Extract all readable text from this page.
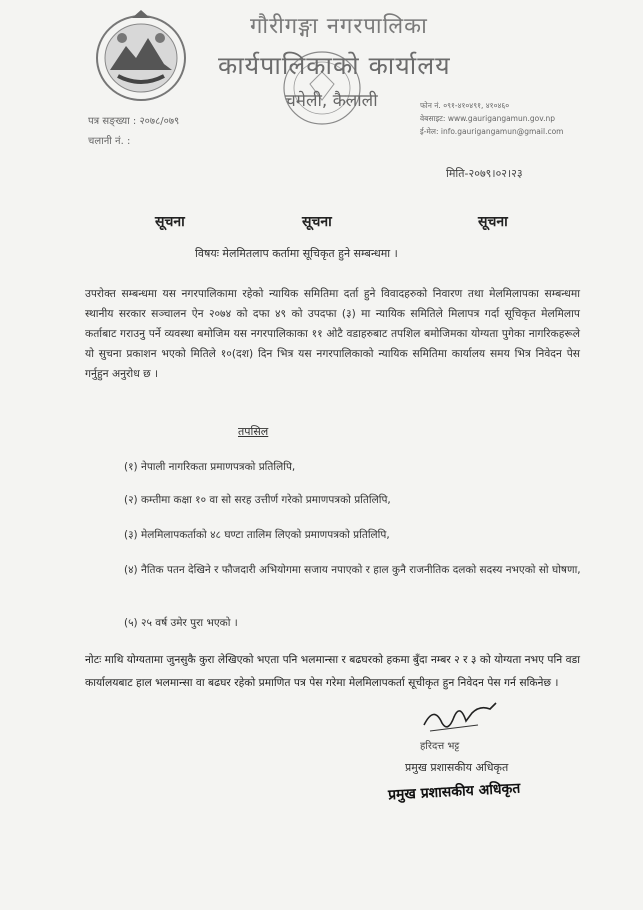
गौरीगङ्गा नगरपालिका
कार्यपालिकाको कार्यालय
चमेली, कैलाली	फोन नं. ०९१-४१०४९१, ४१०४६०
वेबसाइट: www.gaurigangamun.gov.np
ई-मेल: info.gaurigangamun@gmail.com
पत्र सङ्ख्या : २०७८/०७९
चलानी नं. :
मिति-२०७९।०२।२३
सूचना	सूचना	सूचना
विषयः मेलमितलाप कर्तामा सूचिकृत हुने सम्बन्धमा ।
उपरोक्त सम्बन्धमा यस नगरपालिकामा रहेको न्यायिक समितिमा दर्ता हुने विवादहरुको निवारण तथा मेलमिलापका सम्बन्धमा स्थानीय सरकार सञ्चालन ऐन २०७४ को दफा ४९ को उपदफा (३) मा न्यायिक समितिले मिलापत्र गर्दा सूचिकृत मेलमिलाप कर्ताबाट गराउनु पर्ने व्यवस्था बमोजिम यस नगरपालिकाका ११ ओटै वडाहरुबाट तपशिल बमोजिमका योग्यता पुगेका नागरिकहरूले यो सुचना प्रकाशन भएको मितिले १०(दश) दिन भित्र यस नगरपालिकाको न्यायिक समितिमा कार्यालय समय भित्र निवेदन पेस गर्नुहुन अनुरोध छ ।
तपसिल
(१) नेपाली नागरिकता प्रमाणपत्रको प्रतिलिपि,
(२) कम्तीमा कक्षा १० वा सो सरह उत्तीर्ण गरेको प्रमाणपत्रको प्रतिलिपि,
(३) मेलमिलापकर्ताको ४८ घण्टा तालिम लिएको प्रमाणपत्रको प्रतिलिपि,
(४) नैतिक पतन देखिने र फौजदारी अभियोगमा सजाय नपाएको र हाल कुनै राजनीतिक दलको सदस्य नभएको सो घोषणा,
(५) २५ वर्ष उमेर पुरा भएको ।
नोटः माथि योग्यतामा जुनसुकै कुरा लेखिएको भएता पनि भलमान्सा र बढघरको हकमा बुँदा नम्बर २ र ३ को योग्यता नभए पनि वडा कार्यालयबाट हाल भलमान्सा वा बढघर रहेको प्रमाणित पत्र पेस गरेमा मेलमिलापकर्ता सूचीकृत हुन निवेदन पेस गर्न सकिनेछ ।
हरिदत्त भट्ट
प्रमुख प्रशासकीय अधिकृत
प्रमुख प्रशासकीय अधिकृत
